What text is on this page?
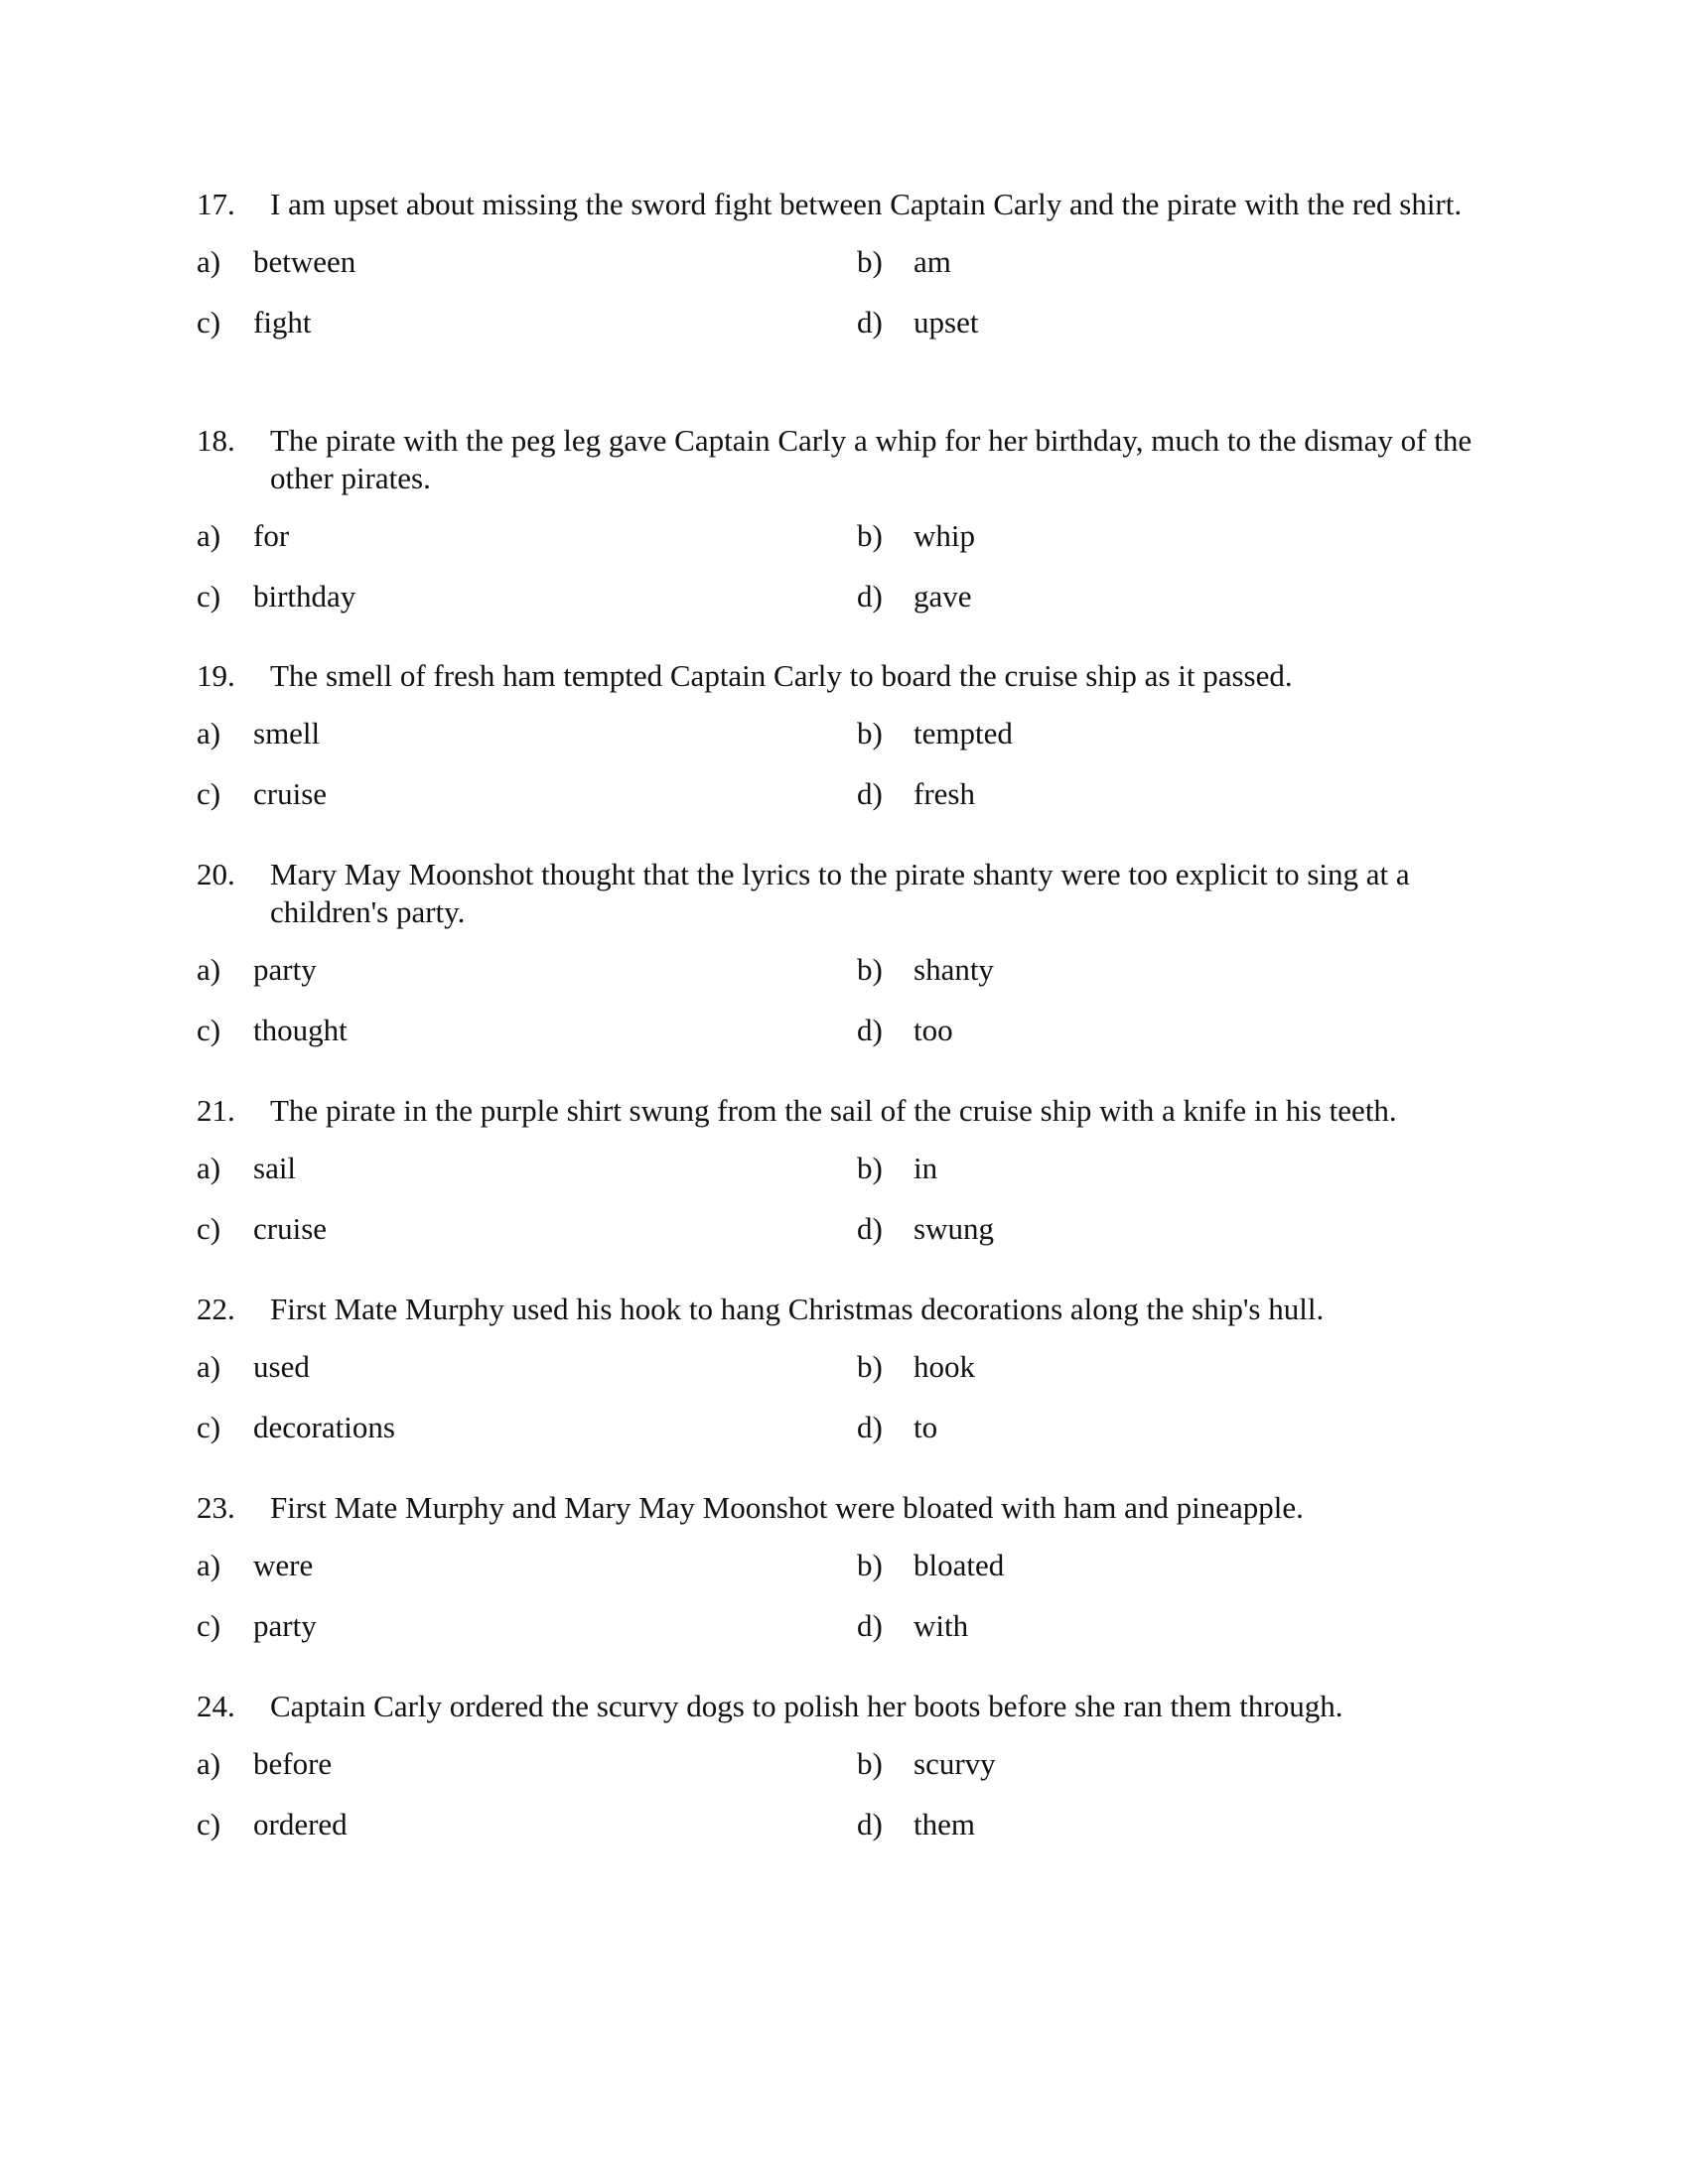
17. I am upset about missing the sword fight between Captain Carly and the pirate with the red shirt.
a) between	b) am
c) fight	d) upset
18. The pirate with the peg leg gave Captain Carly a whip for her birthday, much to the dismay of the other pirates.
a) for	b) whip
c) birthday	d) gave
19. The smell of fresh ham tempted Captain Carly to board the cruise ship as it passed.
a) smell	b) tempted
c) cruise	d) fresh
20. Mary May Moonshot thought that the lyrics to the pirate shanty were too explicit to sing at a children's party.
a) party	b) shanty
c) thought	d) too
21. The pirate in the purple shirt swung from the sail of the cruise ship with a knife in his teeth.
a) sail	b) in
c) cruise	d) swung
22. First Mate Murphy used his hook to hang Christmas decorations along the ship's hull.
a) used	b) hook
c) decorations	d) to
23. First Mate Murphy and Mary May Moonshot were bloated with ham and pineapple.
a) were	b) bloated
c) party	d) with
24. Captain Carly ordered the scurvy dogs to polish her boots before she ran them through.
a) before	b) scurvy
c) ordered	d) them
